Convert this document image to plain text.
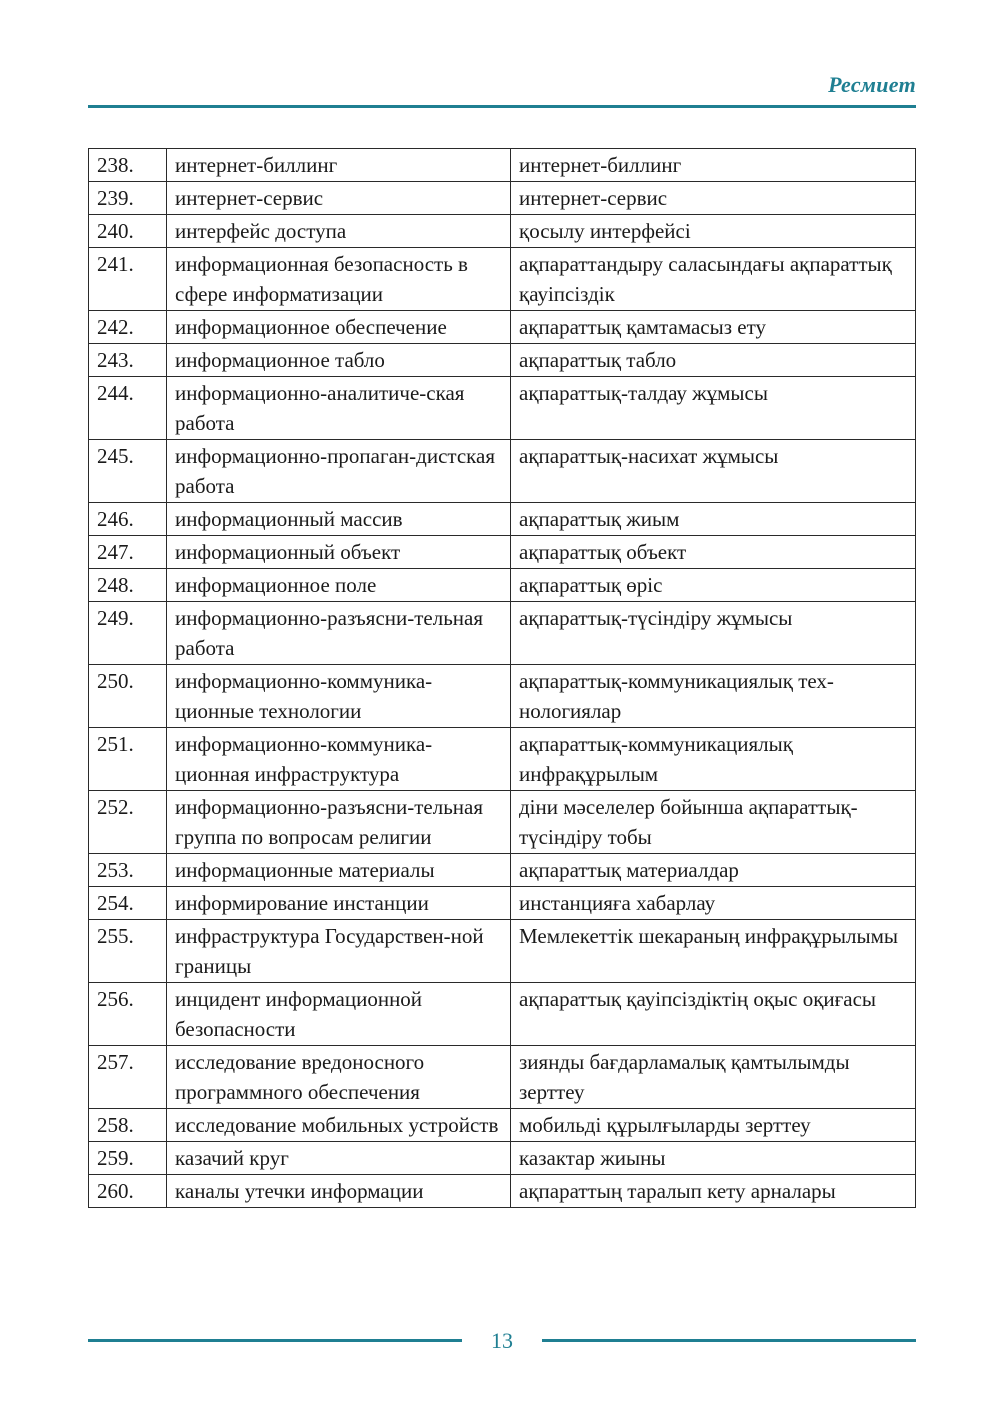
Ресмиет
238.	интернет-биллинг	интернет-биллинг
239.	интернет-сервис	интернет-сервис
240.	интерфейс доступа	қосылу интерфейсі
241.	информационная безопасность в сфере информатизации	ақпараттандыру саласындағы ақпараттық қауіпсіздік
242.	информационное обеспечение	ақпараттық қамтамасыз ету
243.	информационное табло	ақпараттық табло
244.	информационно-аналитиче-ская работа	ақпараттық-талдау жұмысы
245.	информационно-пропаган-дистская работа	ақпараттық-насихат жұмысы
246.	информационный массив	ақпараттық жиым
247.	информационный объект	ақпараттық объект
248.	информационное поле	ақпараттық өріс
249.	информационно-разъясни-тельная работа	ақпараттық-түсіндіру жұмысы
250.	информационно-коммуника-ционные технологии	ақпараттық-коммуникациялық тех-нологиялар
251.	информационно-коммуника-ционная инфраструктура	ақпараттық-коммуникациялық инфрақұрылым
252.	информационно-разъясни-тельная группа по вопросам религии	діни мәселелер бойынша ақпараттық-түсіндіру тобы
253.	информационные материалы	ақпараттық материалдар
254.	информирование инстанции	инстанцияға хабарлау
255.	инфраструктура Государствен-ной границы	Мемлекеттік шекараның инфрақұрылымы
256.	инцидент информационной безопасности	ақпараттық қауіпсіздіктің оқыс оқиғасы
257.	исследование вредоносного программного обеспечения	зиянды бағдарламалық қамтылымды зерттеу
258.	исследование мобильных устройств	мобильді құрылғыларды зерттеу
259.	казачий круг	казактар жиыны
260.	каналы утечки информации	ақпараттың таралып кету арналары
13
